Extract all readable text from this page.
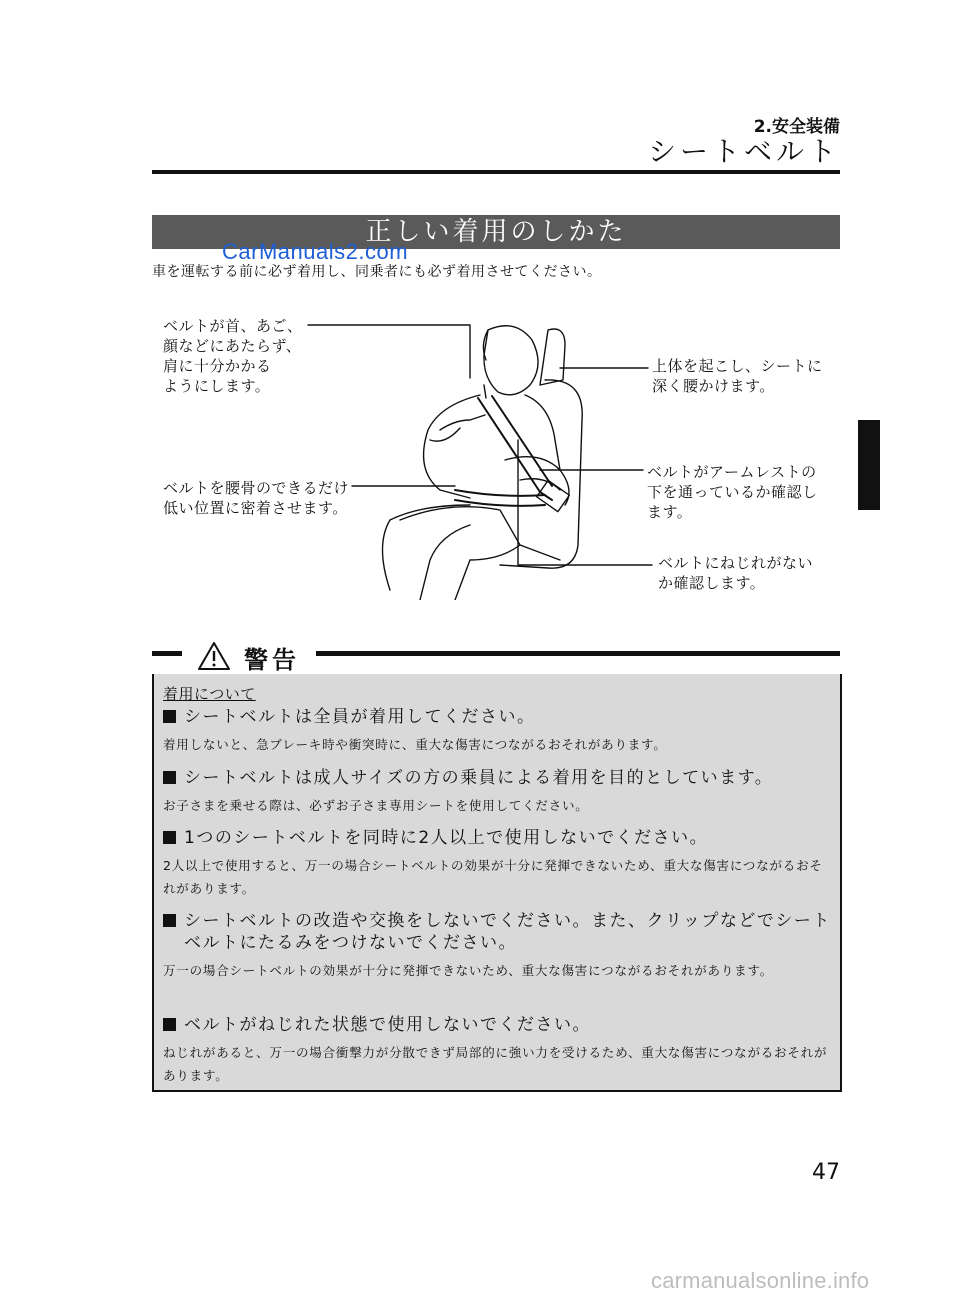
2.安全装備
シートベルト
正しい着用のしかた
CarManuals2.com
車を運転する前に必ず着用し、同乗者にも必ず着用させてください。
ベルトが首、あご、
顔などにあたらず、
肩に十分かかる
ようにします。
上体を起こし、シートに
深く腰かけます。
ベルトを腰骨のできるだけ
低い位置に密着させます。
ベルトがアームレストの
下を通っているか確認し
ます。
ベルトにねじれがない
か確認します。
警告
着用について
シートベルトは全員が着用してください。
着用しないと、急ブレーキ時や衝突時に、重大な傷害につながるおそれがあります。
シートベルトは成人サイズの方の乗員による着用を目的としています。
お子さまを乗せる際は、必ずお子さま専用シートを使用してください。
1つのシートベルトを同時に2人以上で使用しないでください。
2人以上で使用すると、万一の場合シートベルトの効果が十分に発揮できないため、重大な傷害につながるおそれがあります。
シートベルトの改造や交換をしないでください。また、クリップなどでシートベルトにたるみをつけないでください。
万一の場合シートベルトの効果が十分に発揮できないため、重大な傷害につながるおそれがあります。
ベルトがねじれた状態で使用しないでください。
ねじれがあると、万一の場合衝撃力が分散できず局部的に強い力を受けるため、重大な傷害につながるおそれがあります。
47
carmanualsonline.info
